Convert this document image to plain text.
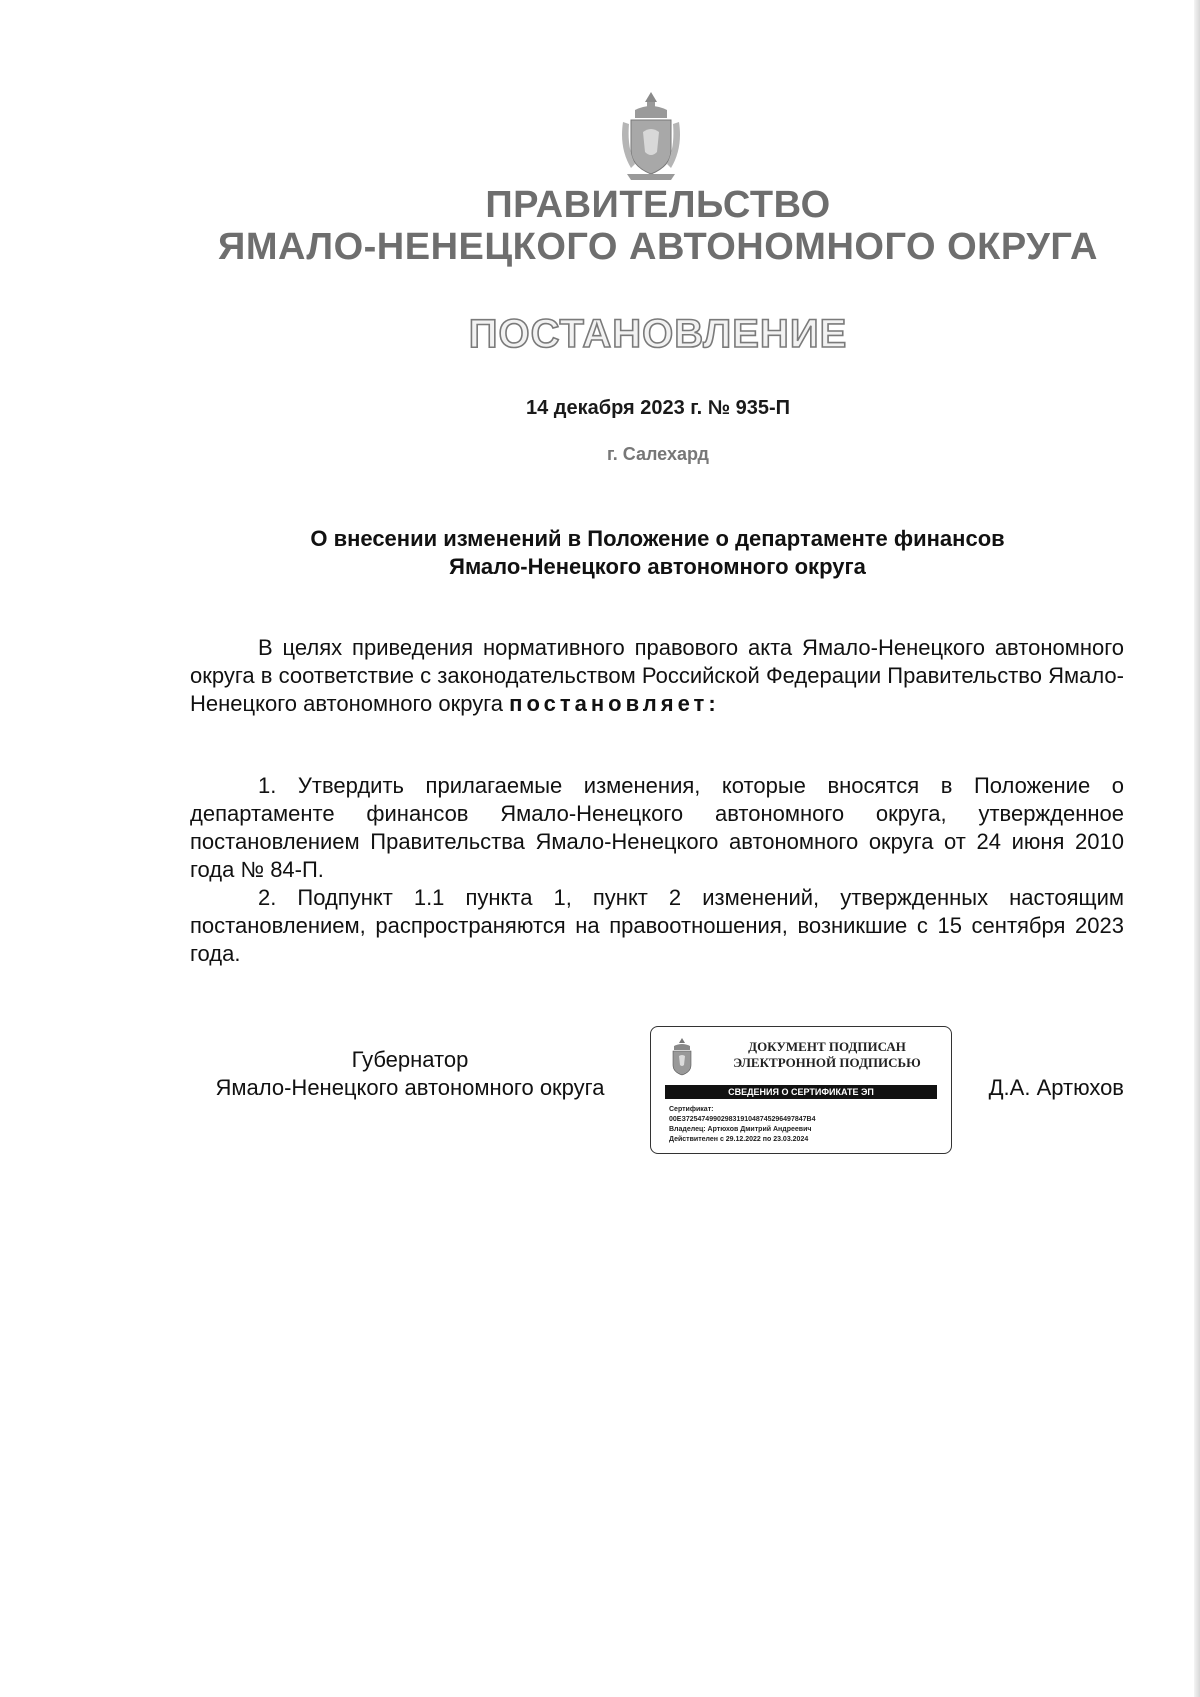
ПРАВИТЕЛЬСТВО
ЯМАЛО-НЕНЕЦКОГО АВТОНОМНОГО ОКРУГА
ПОСТАНОВЛЕНИЕ
14 декабря 2023 г. № 935-П
г. Салехард
О внесении изменений в Положение о департаменте финансов
Ямало-Ненецкого автономного округа
В целях приведения нормативного правового акта Ямало-Ненецкого автономного округа в соответствие с законодательством Российской Федерации Правительство Ямало-Ненецкого автономного округа постановляет:
1. Утвердить прилагаемые изменения, которые вносятся в Положение о департаменте финансов Ямало-Ненецкого автономного округа, утвержденное постановлением Правительства Ямало-Ненецкого автономного округа от 24 июня 2010 года № 84-П.
2. Подпункт 1.1 пункта 1, пункт 2 изменений, утвержденных настоящим постановлением, распространяются на правоотношения, возникшие с 15 сентября 2023 года.
Губернатор
Ямало-Ненецкого автономного округа
ДОКУМЕНТ ПОДПИСАН
ЭЛЕКТРОННОЙ ПОДПИСЬЮ
СВЕДЕНИЯ О СЕРТИФИКАТЕ ЭП
Сертификат:
00ЕЗ7254749902983191048745296497847В4
Владелец: Артюхов Дмитрий Андреевич
Действителен с 29.12.2022 по 23.03.2024
Д.А. Артюхов
